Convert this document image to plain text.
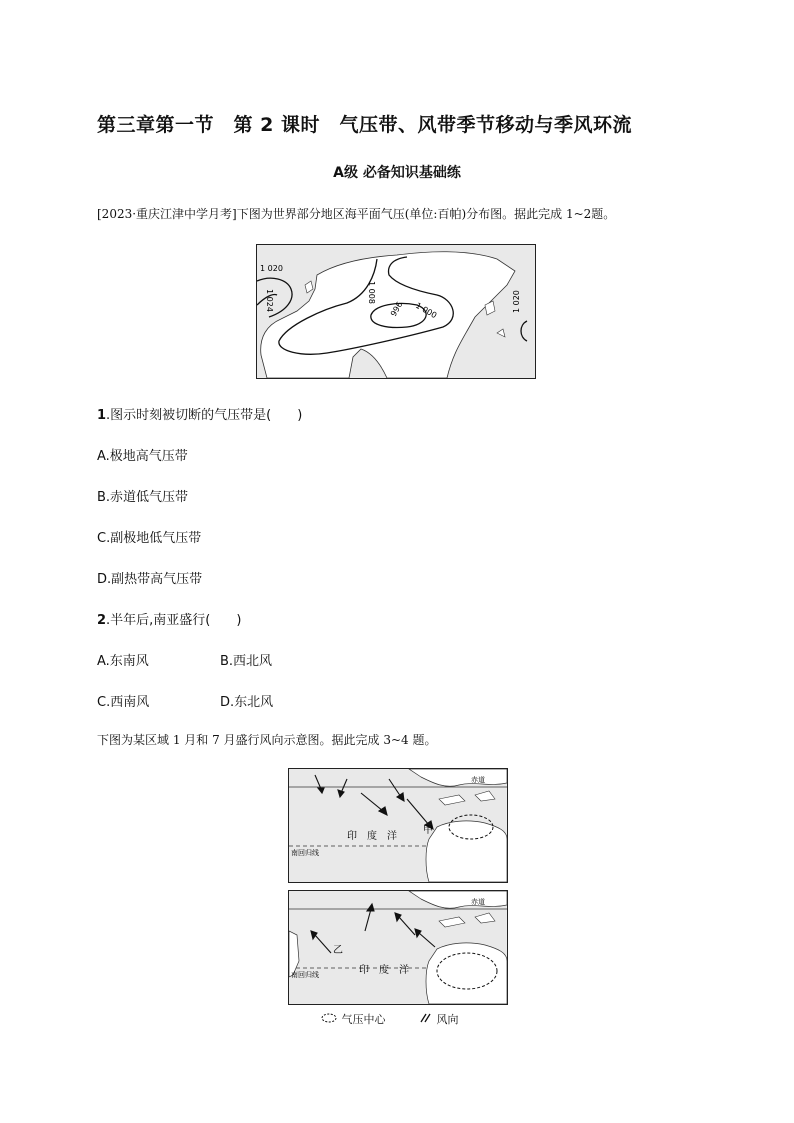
第三章第一节　第 2 课时　气压带、风带季节移动与季风环流
A级 必备知识基础练
[2023·重庆江津中学月考]下图为世界部分地区海平面气压(单位:百帕)分布图。据此完成 1~2题。
1 020
1 024	1 008
1 000
996	1 020
1.图示时刻被切断的气压带是(　　)
A.极地高气压带
B.赤道低气压带
C.副极地低气压带
D.副热带高气压带
2.半年后,南亚盛行(　　)
A.东南风	B.西北风
C.西南风	D.东北风
下图为某区域 1 月和 7 月盛行风向示意图。据此完成 3~4 题。
赤道
印　度　洋
甲
南回归线
赤道
印　度　洋
乙
南回归线
气压中心	风向
